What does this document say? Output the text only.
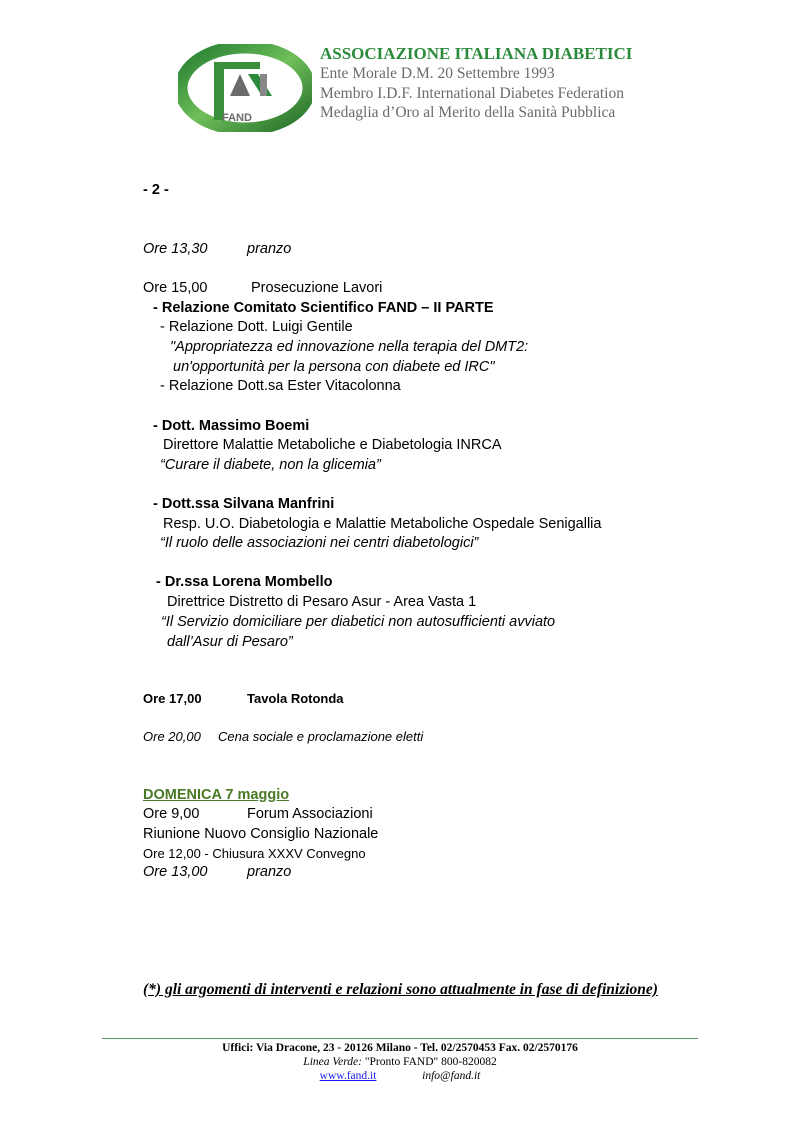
FAND
ASSOCIAZIONE ITALIANA DIABETICI
Ente Morale D.M. 20 Settembre 1993
Membro I.D.F. International Diabetes Federation
Medaglia d’Oro al Merito della Sanità Pubblica
- 2 -
Ore 13,30	pranzo
Ore 15,00	Prosecuzione Lavori
- Relazione Comitato Scientifico FAND – II PARTE
- Relazione Dott. Luigi Gentile
"Appropriatezza ed innovazione nella terapia del DMT2:
un'opportunità per la persona con diabete ed IRC"
- Relazione Dott.sa Ester Vitacolonna
- Dott. Massimo Boemi
Direttore Malattie Metaboliche e Diabetologia INRCA
“Curare il diabete, non la glicemia”
- Dott.ssa Silvana Manfrini
Resp. U.O. Diabetologia e Malattie Metaboliche Ospedale Senigallia
“Il ruolo delle associazioni nei centri diabetologici”
- Dr.ssa Lorena Mombello
Direttrice Distretto di Pesaro Asur - Area Vasta 1
“Il Servizio domiciliare per diabetici non autosufficienti avviato
dall’Asur di Pesaro”
Ore 17,00	Tavola Rotonda
Ore 20,00 Cena sociale e proclamazione eletti
DOMENICA 7 maggio
Ore 9,00	Forum Associazioni
Riunione Nuovo Consiglio Nazionale
Ore 12,00 - Chiusura XXXV Convegno
Ore 13,00	pranzo
(*) gli argomenti di interventi e relazioni sono attualmente in fase di definizione)
Uffici: Via Dracone, 23 - 20126 Milano - Tel. 02/2570453 Fax. 02/2570176
Linea Verde: "Pronto FAND" 800-820082
www.fand.it	info@fand.it
